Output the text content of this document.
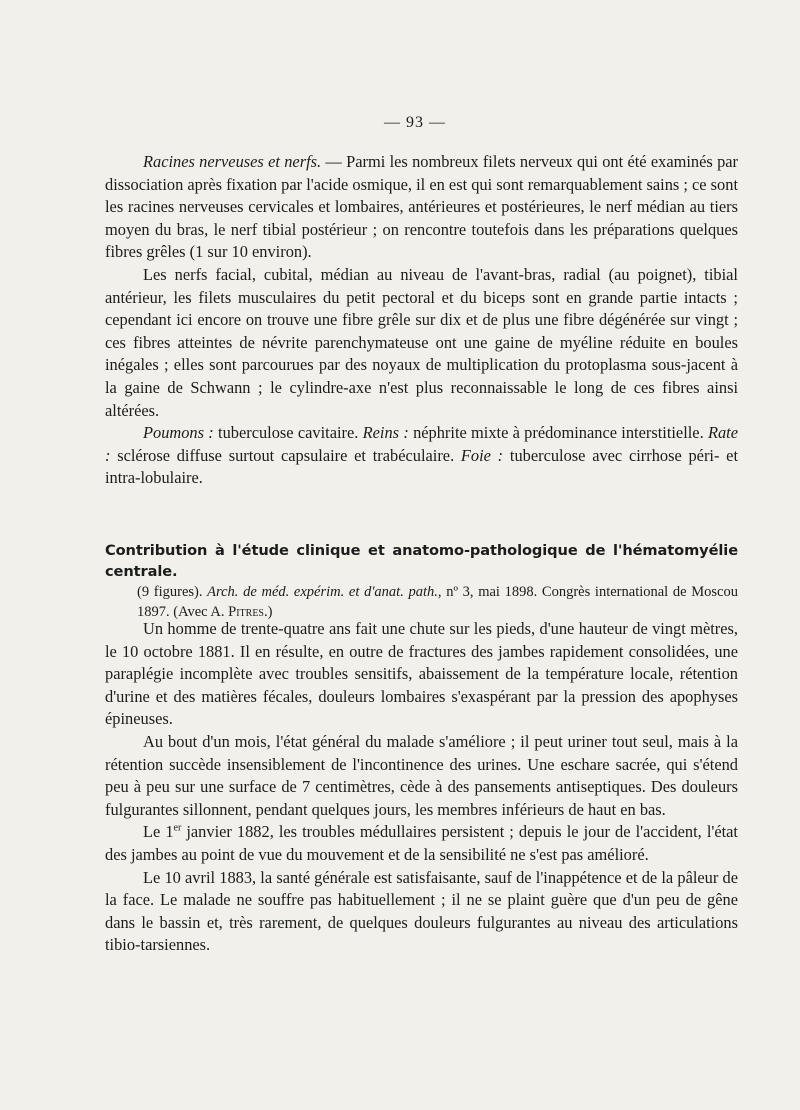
— 93 —

Racines nerveuses et nerfs. — Parmi les nombreux filets nerveux qui ont été examinés par dissociation après fixation par l'acide osmique, il en est qui sont remarquablement sains ; ce sont les racines nerveuses cervicales et lombaires, antérieures et postérieures, le nerf médian au tiers moyen du bras, le nerf tibial postérieur ; on rencontre toutefois dans les préparations quelques fibres grêles (1 sur 10 environ).

Les nerfs facial, cubital, médian au niveau de l'avant-bras, radial (au poignet), tibial antérieur, les filets musculaires du petit pectoral et du biceps sont en grande partie intacts ; cependant ici encore on trouve une fibre grêle sur dix et de plus une fibre dégénérée sur vingt ; ces fibres atteintes de névrite parenchymateuse ont une gaine de myéline réduite en boules inégales ; elles sont parcourues par des noyaux de multiplication du protoplasma sous-jacent à la gaine de Schwann ; le cylindre-axe n'est plus reconnaissable le long de ces fibres ainsi altérées.

Poumons : tuberculose cavitaire. Reins : néphrite mixte à prédominance interstitielle. Rate : sclérose diffuse surtout capsulaire et trabéculaire. Foie : tuberculose avec cirrhose péri- et intra-lobulaire.

Contribution à l'étude clinique et anatomo-pathologique de l'hématomyélie centrale.

(9 figures). Arch. de méd. expérim. et d'anat. path., nº 3, mai 1898. Congrès international de Moscou 1897. (Avec A. Pitres.)

Un homme de trente-quatre ans fait une chute sur les pieds, d'une hauteur de vingt mètres, le 10 octobre 1881. Il en résulte, en outre de fractures des jambes rapidement consolidées, une paraplégie incomplète avec troubles sensitifs, abaissement de la température locale, rétention d'urine et des matières fécales, douleurs lombaires s'exaspérant par la pression des apophyses épineuses.

Au bout d'un mois, l'état général du malade s'améliore ; il peut uriner tout seul, mais à la rétention succède insensiblement de l'incontinence des urines. Une eschare sacrée, qui s'étend peu à peu sur une surface de 7 centimètres, cède à des pansements antiseptiques. Des douleurs fulgurantes sillonnent, pendant quelques jours, les membres inférieurs de haut en bas.

Le 1er janvier 1882, les troubles médullaires persistent ; depuis le jour de l'accident, l'état des jambes au point de vue du mouvement et de la sensibilité ne s'est pas amélioré.

Le 10 avril 1883, la santé générale est satisfaisante, sauf de l'inappétence et de la pâleur de la face. Le malade ne souffre pas habituellement ; il ne se plaint guère que d'un peu de gêne dans le bassin et, très rarement, de quelques douleurs fulgurantes au niveau des articulations tibio-tarsiennes.
